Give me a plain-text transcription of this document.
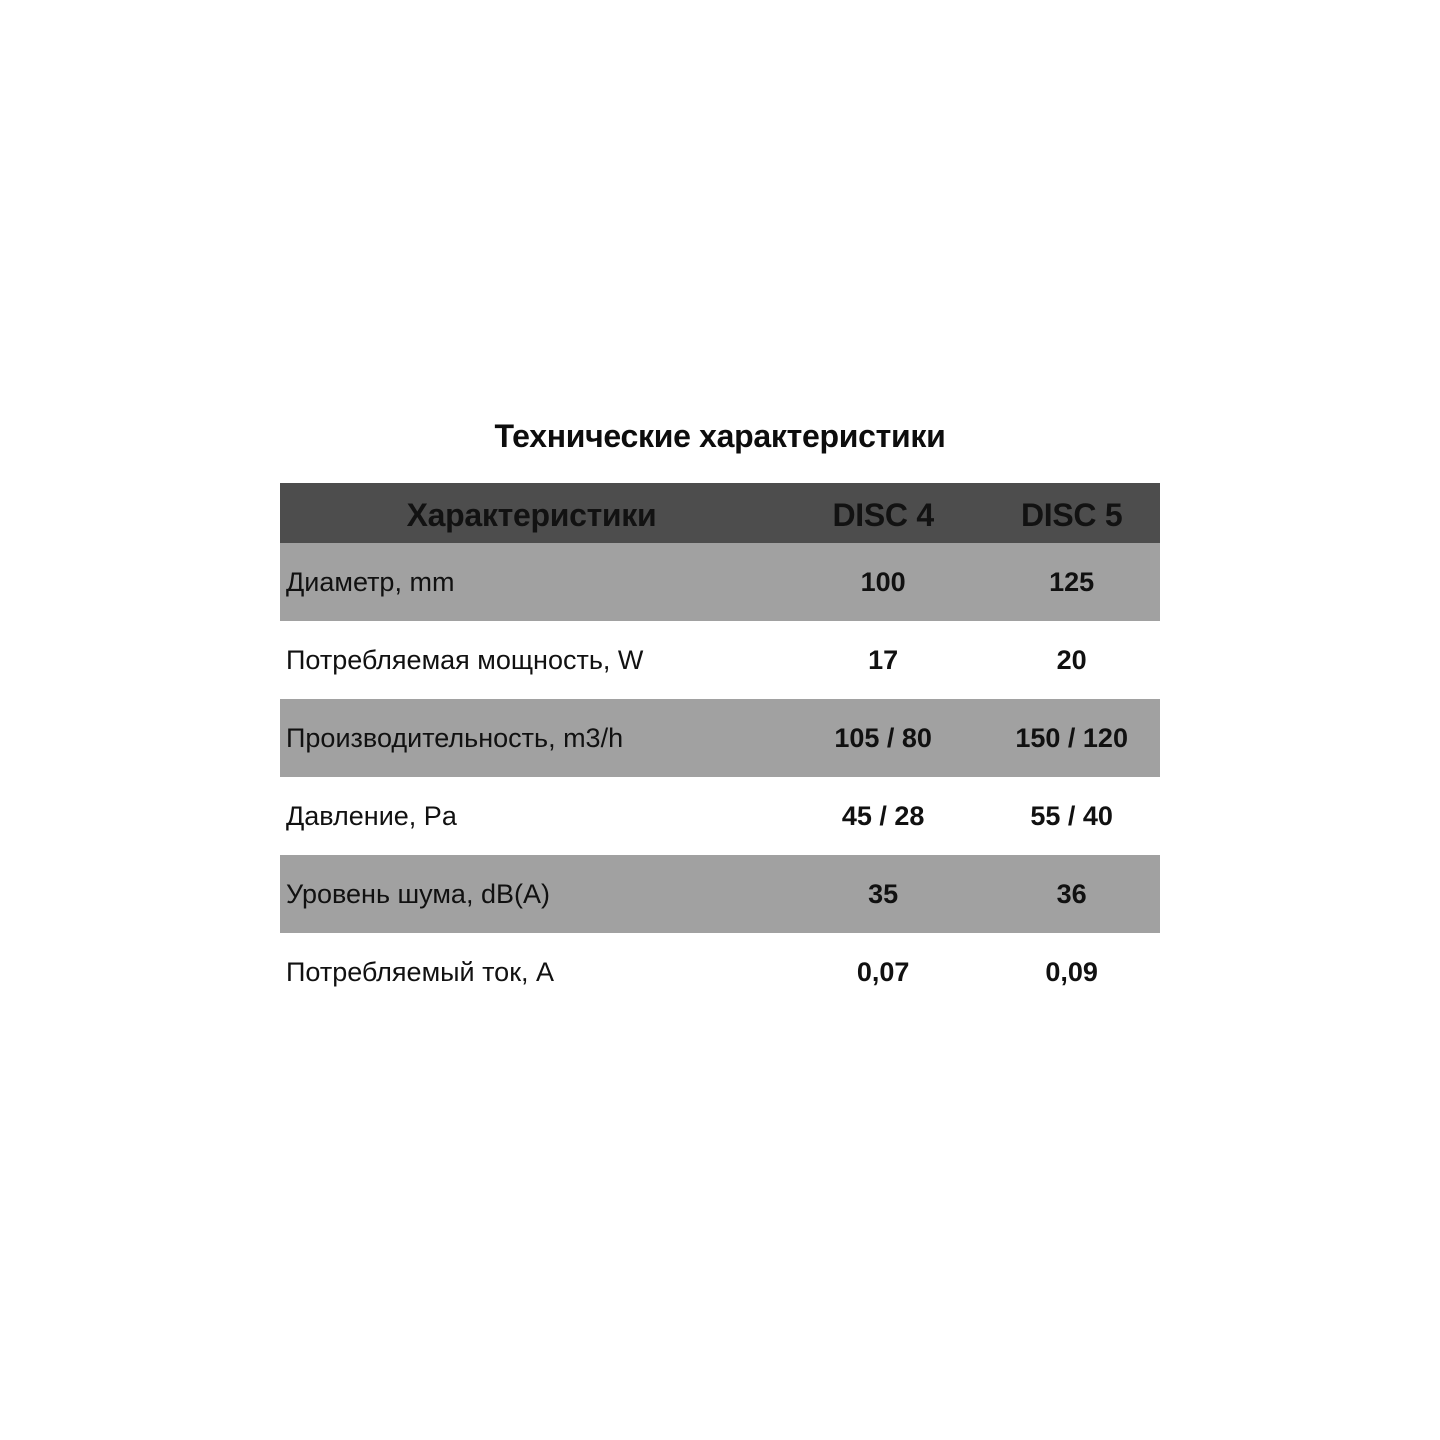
Технические характеристики
Характеристики	DISC 4	DISC 5
Диаметр, mm	100	125
Потребляемая мощность, W	17	20
Производительность, m3/h	105 / 80	150 / 120
Давление, Pa	45 / 28	55 / 40
Уровень шума, dB(A)	35	36
Потребляемый ток, A	0,07	0,09
